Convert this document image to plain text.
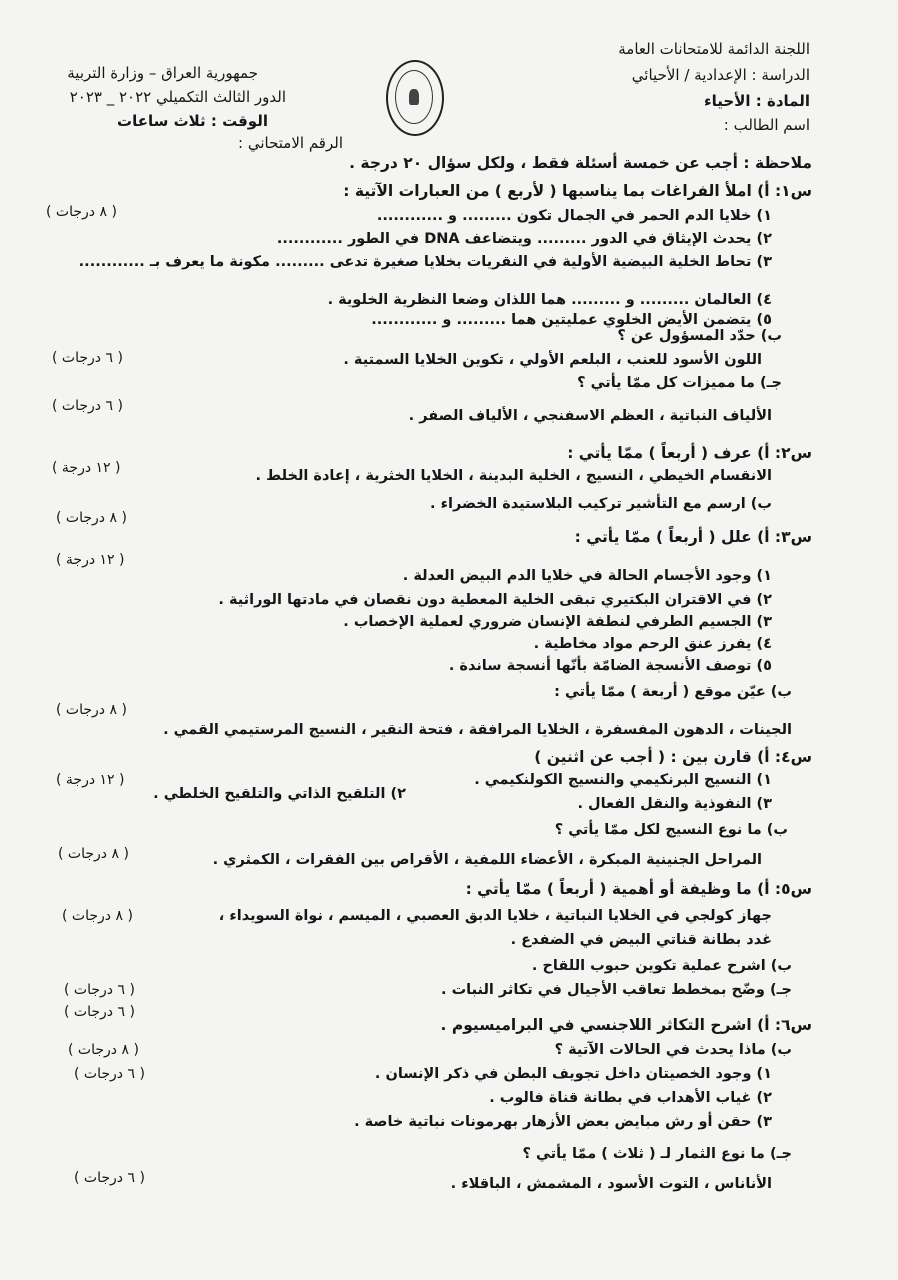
اللجنة الدائمة للامتحانات العامة
الدراسة : الإعدادية / الأحيائي
المادة : الأحياء
اسم الطالب :
جمهورية العراق – وزارة التربية
الدور الثالث التكميلي ٢٠٢٢ _ ٢٠٢٣
الوقت : ثلاث ساعات
الرقم الامتحاني :
ملاحظة : أجب عن خمسة أسئلة فقط ، ولكل سؤال ٢٠ درجة .
س١: أ) املأ الفراغات بما يناسبها ( لأربع ) من العبارات الآتية :
( ٨ درجات )	١) خلايا الدم الحمر في الجمال تكون ......... و ............
٢) يحدث الإيثاق في الدور ......... ويتضاعف DNA في الطور ............
٣) تحاط الخلية البيضية الأولية في النقريات بخلايا صغيرة تدعى ......... مكونة ما يعرف بـ ............
٤) العالمان ......... و ......... هما اللذان وضعا النظرية الخلوية .
٥) يتضمن الأيض الخلوي عمليتين هما ......... و ............
ب) حدّد المسؤول عن ؟
اللون الأسود للعنب ، البلعم الأولي ، تكوين الخلايا السمتية .
( ٦ درجات )
جـ) ما مميزات كل ممّا يأتي ؟
الألياف النباتية ، العظم الاسفنجي ، الألياف الصفر .
( ٦ درجات )
س٢: أ) عرف ( أربعاً ) ممّا يأتي :
الانقسام الخيطي ، النسيج ، الخلية البدينة ، الخلايا الخثرية ، إعادة الخلط .
( ١٢ درجة )
ب) ارسم مع التأشير تركيب البلاستيدة الخضراء .
( ٨ درجات )
س٣: أ) علل ( أربعاً ) ممّا يأتي :
( ١٢ درجة )
١) وجود الأجسام الحالة في خلايا الدم البيض العدلة .
٢) في الاقتران البكتيري تبقى الخلية المعطية دون نقصان في مادتها الوراثية .
٣) الجسيم الطرفي لنطفة الإنسان ضروري لعملية الإخصاب .
٤) يفرز عنق الرحم مواد مخاطية .
٥) توصف الأنسجة الضامّة بأنّها أنسجة ساندة .
ب) عيّن موقع ( أربعة ) ممّا يأتي :
( ٨ درجات )
الجينات ، الدهون المفسفرة ، الخلايا المرافقة ، فتحة النقير ، النسيج المرستيمي القمي .
س٤: أ) قارن بين : ( أجب عن اثنين )
١) النسيج البرنكيمي والنسيج الكولنكيمي .
٢) التلقيح الذاتي والتلقيح الخلطي .
( ١٢ درجة )
٣) النفوذية والنقل الفعال .
ب) ما نوع النسيج لكل ممّا يأتي ؟
المراحل الجنينية المبكرة ، الأعضاء اللمفية ، الأقراص بين الفقرات ، الكمثري .
( ٨ درجات )
س٥: أ) ما وظيفة أو أهمية ( أربعاً ) ممّا يأتي :
جهاز كولجي في الخلايا النباتية ، خلايا الدبق العصبي ، الميسم ، نواة السويداء ،
( ٨ درجات )
غدد بطانة قناتي البيض في الضفدع .
ب) اشرح عملية تكوين حبوب اللقاح .
جـ) وضّح بمخطط تعاقب الأجيال في تكاثر النبات .
( ٦ درجات )
( ٦ درجات )
س٦: أ) اشرح التكاثر اللاجنسي في البراميسيوم .
ب) ماذا يحدث في الحالات الآتية ؟
( ٨ درجات )
( ٦ درجات )	١) وجود الخصيتان داخل تجويف البطن في ذكر الإنسان .
٢) غياب الأهداب في بطانة قناة فالوب .
٣) حقن أو رش مبايض بعض الأزهار بهرمونات نباتية خاصة .
جـ) ما نوع الثمار لـ ( ثلاث ) ممّا يأتي ؟
الأناناس ، التوت الأسود ، المشمش ، الباقلاء .
( ٦ درجات )
